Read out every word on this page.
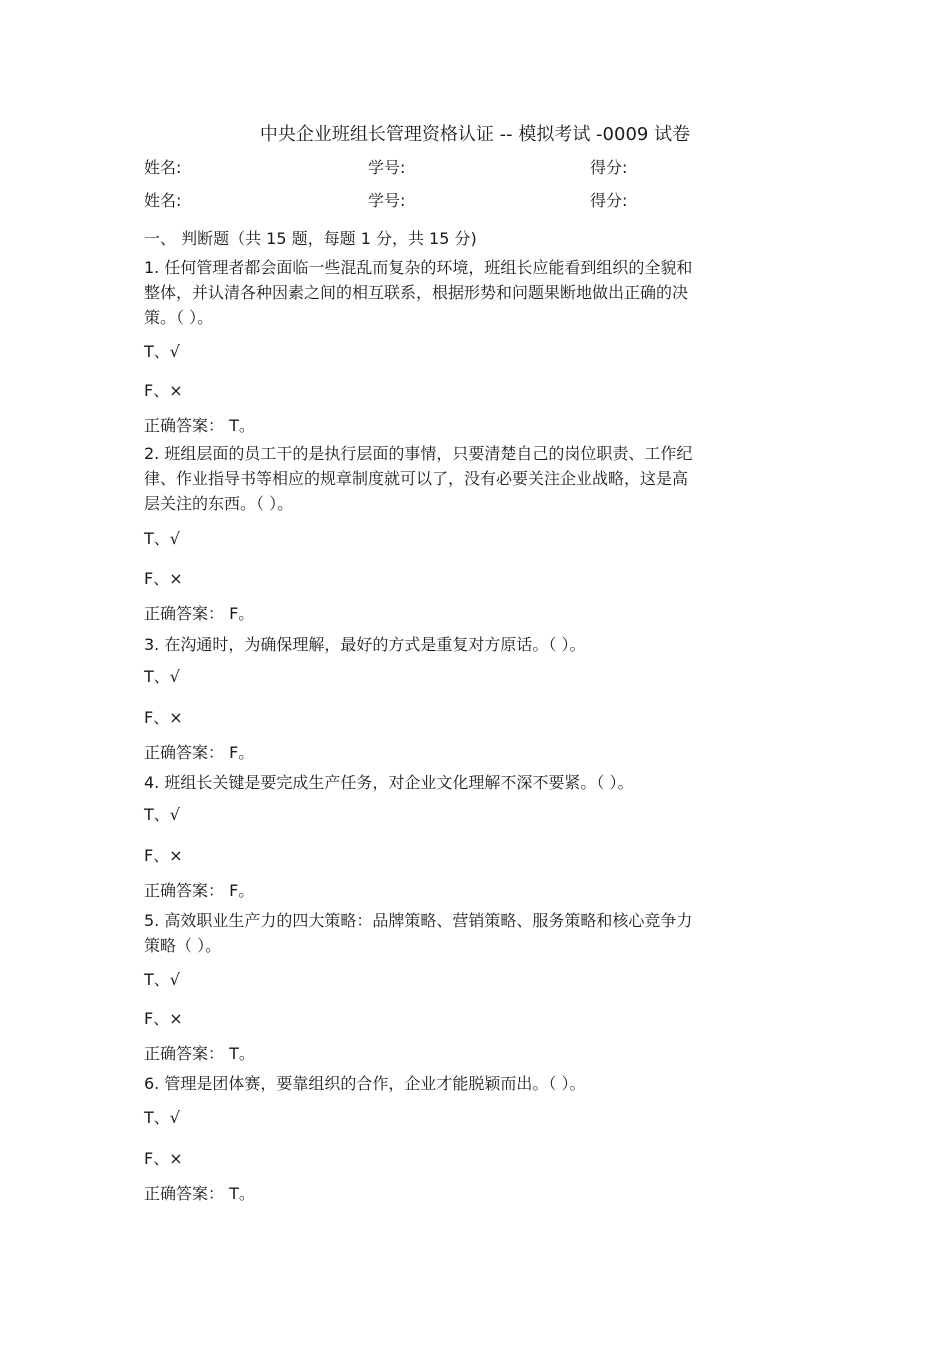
中央企业班组长管理资格认证 -- 模拟考试 -0009 试卷
姓名:	学号:	得分:
姓名:	学号:	得分:
一、 判断题（共 15 题，每题 1 分，共 15 分)
1. 任何管理者都会面临一些混乱而复杂的环境，班组长应能看到组织的全貌和
整体，并认清各种因素之间的相互联系，根据形势和问题果断地做出正确的决
策。（ ）。
T、√
F、×
正确答案： T。
2. 班组层面的员工干的是执行层面的事情，只要清楚自己的岗位职责、工作纪
律、作业指导书等相应的规章制度就可以了，没有必要关注企业战略，这是高
层关注的东西。（ ）。
T、√
F、×
正确答案： F。
3. 在沟通时，为确保理解，最好的方式是重复对方原话。（ ）。
T、√
F、×
正确答案： F。
4. 班组长关键是要完成生产任务，对企业文化理解不深不要紧。（ ）。
T、√
F、×
正确答案： F。
5. 高效职业生产力的四大策略：品牌策略、营销策略、服务策略和核心竞争力
策略（ ）。
T、√
F、×
正确答案： T。
6. 管理是团体赛，要靠组织的合作，企业才能脱颖而出。（ ）。
T、√
F、×
正确答案： T。
